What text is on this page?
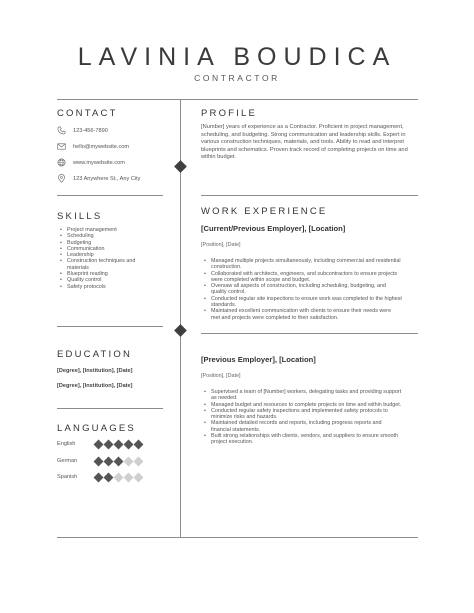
LAVINIA BOUDICA
CONTRACTOR
CONTACT
123-456-7890
hello@mywebsite.com
www.mywebsite.com
123 Anywhere St., Any City
SKILLS
• Project management
• Scheduling
• Budgeting
• Communication
• Leadership
• Construction techniques and
materials
• Blueprint reading
• Quality control
• Safety protocols
EDUCATION
[Degree], [Institution], [Date]
[Degree], [Institution], [Date]
LANGUAGES
English
German
Spanish
PROFILE
[Number] years of experience as a Contractor. Proficient in project management,
scheduling, and budgeting. Strong communication and leadership skills. Expert in
various construction techniques, materials, and tools. Ability to read and interpret
blueprints and schematics. Proven track record of completing projects on time and
within budget.
WORK EXPERIENCE
[Current/Previous Employer], [Location]
[Position], [Date]
• Managed multiple projects simultaneously, including commercial and residential
construction.
• Collaborated with architects, engineers, and subcontractors to ensure projects
were completed within scope and budget.
• Oversaw all aspects of construction, including scheduling, budgeting, and
quality control.
• Conducted regular site inspections to ensure work was completed to the highest
standards.
• Maintained excellent communication with clients to ensure their needs were
met and projects were completed to their satisfaction.
[Previous Employer], [Location]
[Position], [Date]
• Supervised a team of [Number] workers, delegating tasks and providing support
as needed.
• Managed budget and resources to complete projects on time and within budget.
• Conducted regular safety inspections and implemented safety protocols to
minimize risks and hazards.
• Maintained detailed records and reports, including progress reports and
financial statements.
• Built strong relationships with clients, vendors, and suppliers to ensure smooth
project execution.
